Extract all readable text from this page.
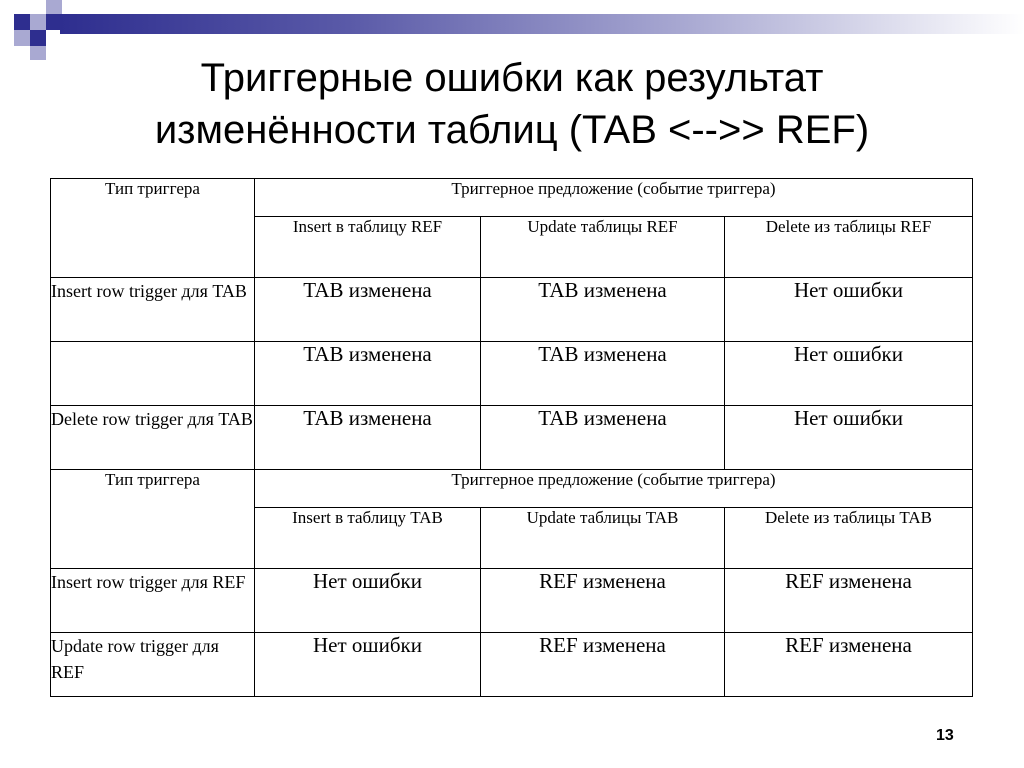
Триггерные ошибки как результат
изменённости таблиц (TAB <-->> REF)
Тип триггера	Триггерное предложение (событие триггера)		
	Insert в таблицу REF	Update таблицы REF	Delete из таблицы REF
Insert row trigger для TAB	TAB изменена	TAB изменена	Нет ошибки
	TAB изменена	TAB изменена	Нет ошибки
Delete row trigger для TAB	TAB изменена	TAB изменена	Нет ошибки
Тип триггера	Триггерное предложение (событие триггера)		
	Insert в таблицу TAB	Update таблицы TAB	Delete из таблицы TAB
Insert row trigger для REF	Нет ошибки	REF изменена	REF изменена
Update row trigger для REF	Нет ошибки	REF изменена	REF изменена
13
